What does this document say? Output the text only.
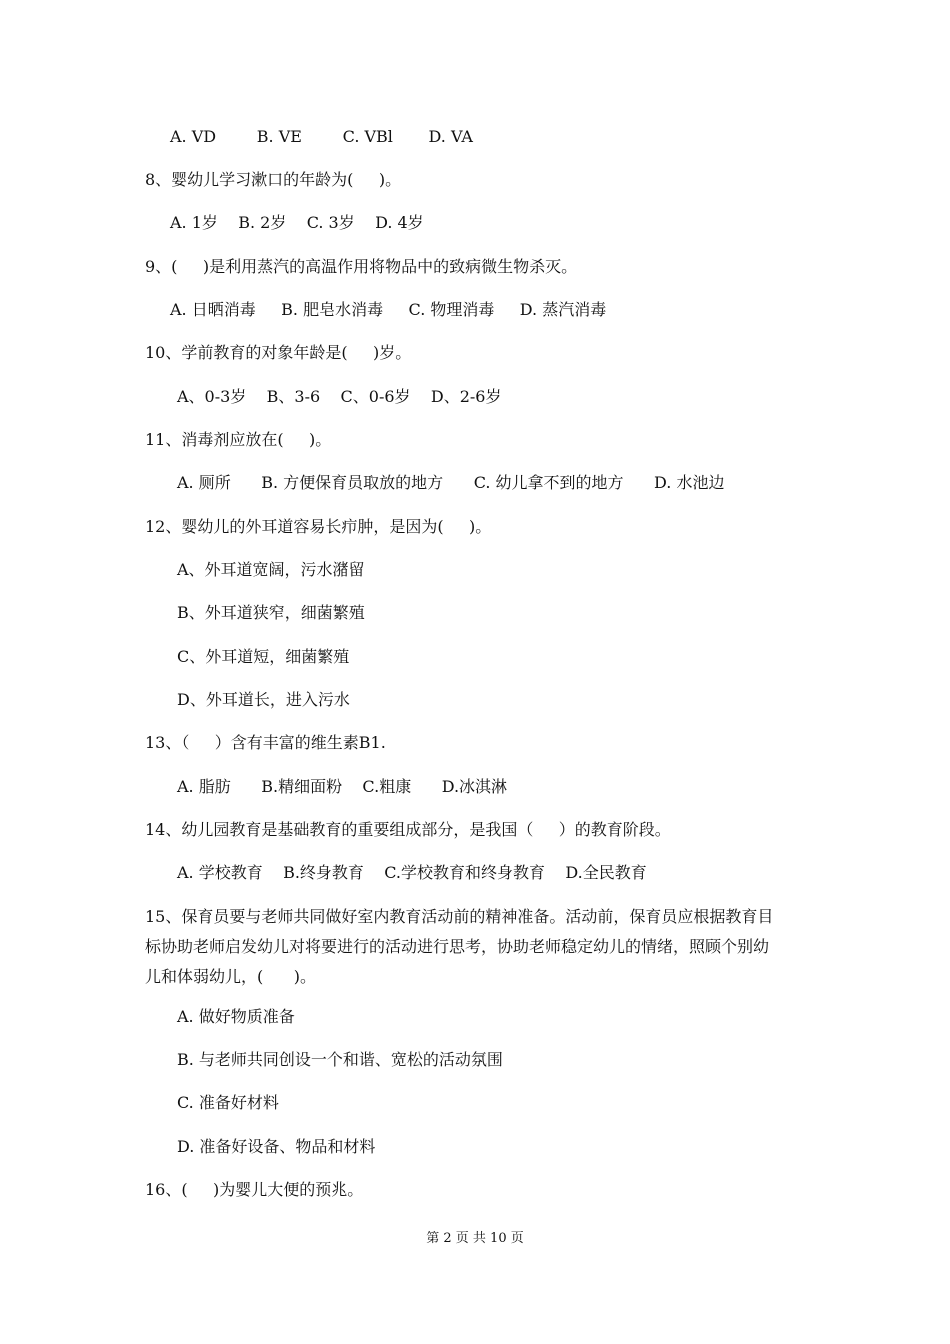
A. VD        B. VE        C. VBl       D. VA
8、婴幼儿学习漱口的年龄为(     )。
A. 1岁    B. 2岁    C. 3岁    D. 4岁
9、(     )是利用蒸汽的高温作用将物品中的致病微生物杀灭。
A. 日晒消毒     B. 肥皂水消毒     C. 物理消毒     D. 蒸汽消毒
10、学前教育的对象年龄是(     )岁。
A、0-3岁    B、3-6    C、0-6岁    D、2-6岁
11、消毒剂应放在(     )。
A. 厕所      B. 方便保育员取放的地方      C. 幼儿拿不到的地方      D. 水池边
12、婴幼儿的外耳道容易长疖肿，是因为(     )。
A、外耳道宽阔，污水潴留
B、外耳道狭窄，细菌繁殖
C、外耳道短，细菌繁殖
D、外耳道长，进入污水
13、（     ）含有丰富的维生素B1.
A. 脂肪      B.精细面粉    C.粗康      D.冰淇淋
14、幼儿园教育是基础教育的重要组成部分，是我国（     ）的教育阶段。
A. 学校教育    B.终身教育    C.学校教育和终身教育    D.全民教育
15、保育员要与老师共同做好室内教育活动前的精神准备。活动前，保育员应根据教育目
标协助老师启发幼儿对将要进行的活动进行思考，协助老师稳定幼儿的情绪，照顾个别幼
儿和体弱幼儿，(      )。
A. 做好物质准备
B. 与老师共同创设一个和谐、宽松的活动氛围
C. 准备好材料
D. 准备好设备、物品和材料
16、(     )为婴儿大便的预兆。
第 2 页 共 10 页
